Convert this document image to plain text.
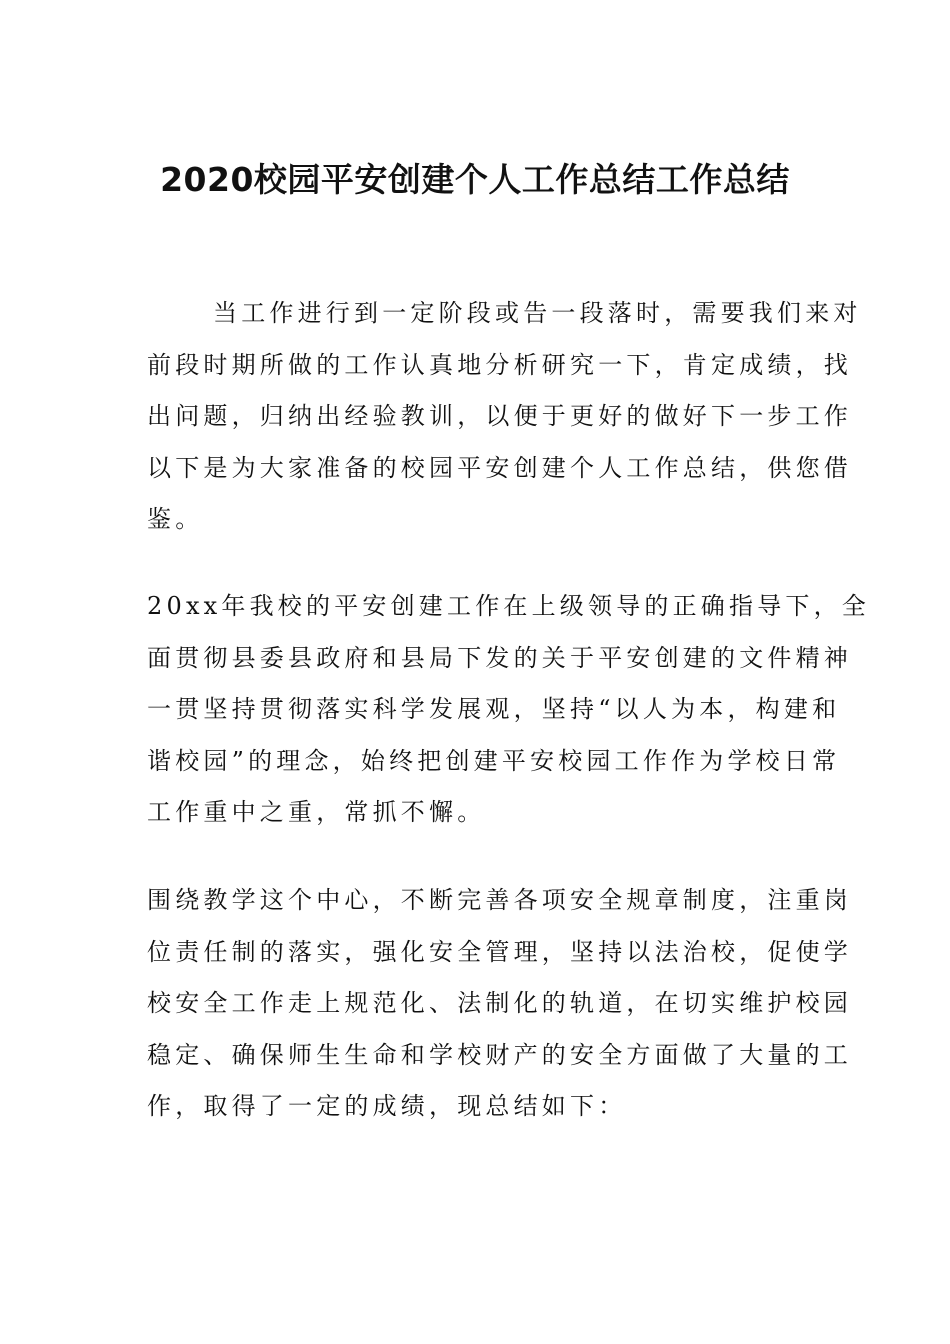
2020校园平安创建个人工作总结工作总结
当工作进行到一定阶段或告一段落时，需要我们来对
前段时期所做的工作认真地分析研究一下，肯定成绩，找
出问题，归纳出经验教训，以便于更好的做好下一步工作
以下是为大家准备的校园平安创建个人工作总结，供您借
鉴。
20xx年我校的平安创建工作在上级领导的正确指导下，全
面贯彻县委县政府和县局下发的关于平安创建的文件精神
一贯坚持贯彻落实科学发展观，坚持“以人为本，构建和
谐校园”的理念，始终把创建平安校园工作作为学校日常
工作重中之重，常抓不懈。
围绕教学这个中心，不断完善各项安全规章制度，注重岗
位责任制的落实，强化安全管理，坚持以法治校，促使学
校安全工作走上规范化、法制化的轨道，在切实维护校园
稳定、确保师生生命和学校财产的安全方面做了大量的工
作，取得了一定的成绩，现总结如下：
